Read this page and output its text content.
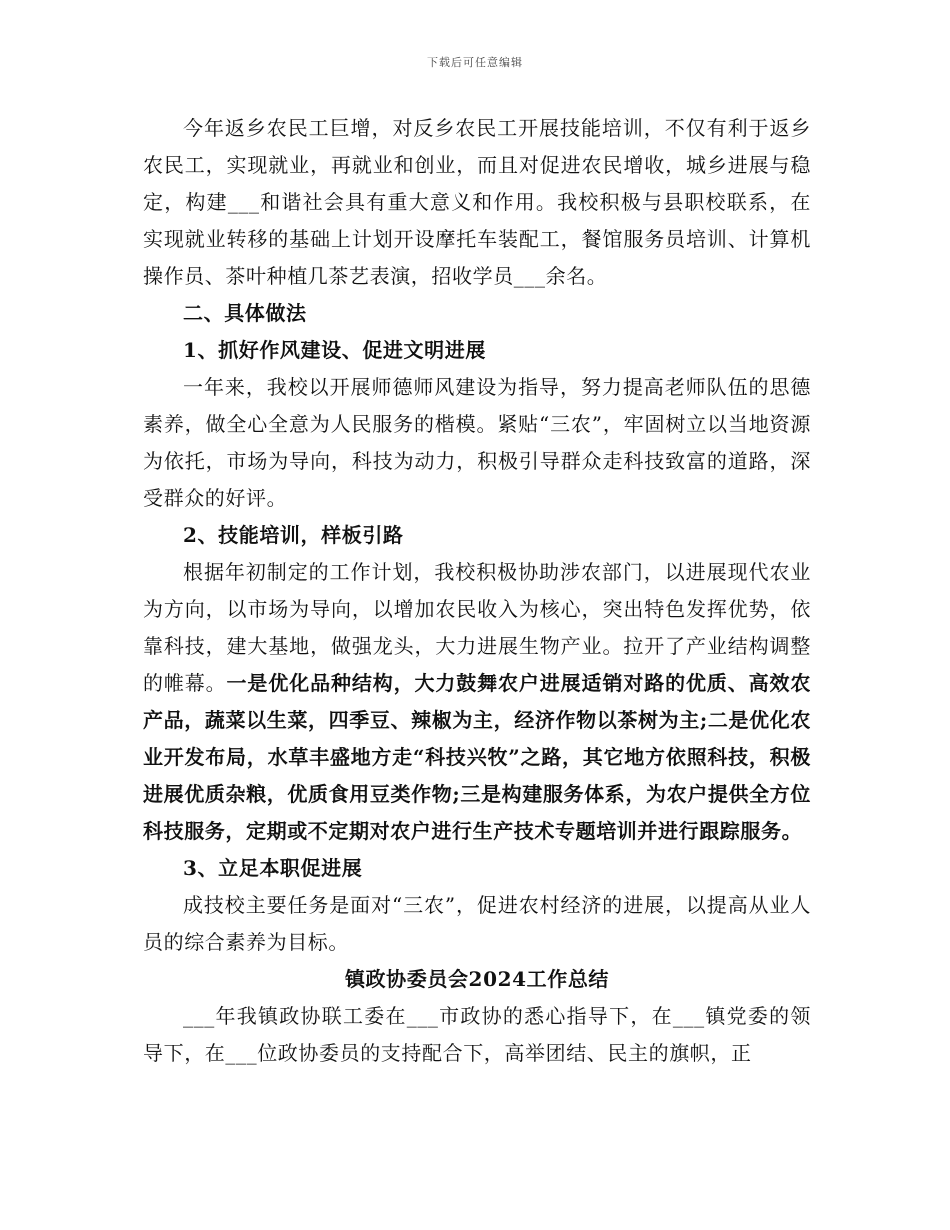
下载后可任意编辑

今年返乡农民工巨增，对反乡农民工开展技能培训，不仅有利于返乡农民工，实现就业，再就业和创业，而且对促进农民增收，城乡进展与稳定，构建___和谐社会具有重大意义和作用。我校积极与县职校联系，在实现就业转移的基础上计划开设摩托车装配工，餐馆服务员培训、计算机操作员、茶叶种植几茶艺表演，招收学员___余名。

二、具体做法

1、抓好作风建设、促进文明进展

一年来，我校以开展师德师风建设为指导，努力提高老师队伍的思德素养，做全心全意为人民服务的楷模。紧贴“三农”，牢固树立以当地资源为依托，市场为导向，科技为动力，积极引导群众走科技致富的道路，深受群众的好评。

2、技能培训，样板引路

根据年初制定的工作计划，我校积极协助涉农部门，以进展现代农业为方向，以市场为导向，以增加农民收入为核心，突出特色发挥优势，依靠科技，建大基地，做强龙头，大力进展生物产业。拉开了产业结构调整的帷幕。一是优化品种结构，大力鼓舞农户进展适销对路的优质、高效农产品，蔬菜以生菜，四季豆、辣椒为主，经济作物以茶树为主;二是优化农业开发布局，水草丰盛地方走“科技兴牧”之路，其它地方依照科技，积极进展优质杂粮，优质食用豆类作物;三是构建服务体系，为农户提供全方位科技服务，定期或不定期对农户进行生产技术专题培训并进行跟踪服务。

3、立足本职促进展

成技校主要任务是面对“三农”，促进农村经济的进展，以提高从业人员的综合素养为目标。

镇政协委员会2024工作总结

___年我镇政协联工委在___市政协的悉心指导下，在___镇党委的领导下，在___位政协委员的支持配合下，高举团结、民主的旗帜，正
